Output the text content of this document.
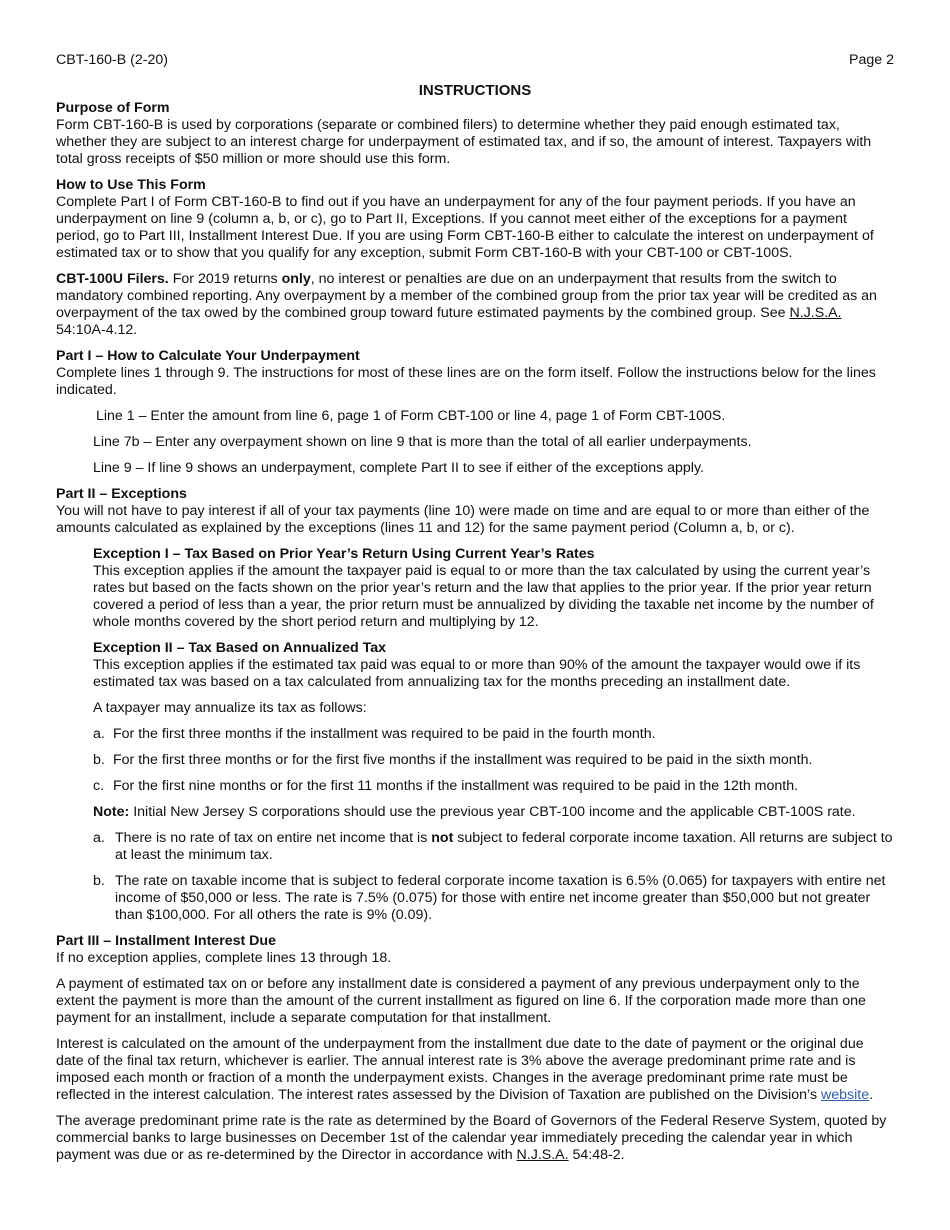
CBT-160-B (2-20)	Page 2
INSTRUCTIONS

Purpose of Form

Form CBT-160-B is used by corporations (separate or combined filers) to determine whether they paid enough estimated tax, whether they are subject to an interest charge for underpayment of estimated tax, and if so, the amount of interest. Taxpayers with total gross receipts of $50 million or more should use this form.

How to Use This Form

Complete Part I of Form CBT-160-B to find out if you have an underpayment for any of the four payment periods. If you have an underpayment on line 9 (column a, b, or c), go to Part II, Exceptions. If you cannot meet either of the exceptions for a payment period, go to Part III, Installment Interest Due. If you are using Form CBT-160-B either to calculate the interest on underpayment of estimated tax or to show that you qualify for any exception, submit Form CBT-160-B with your CBT-100 or CBT-100S.

CBT-100U Filers. For 2019 returns only, no interest or penalties are due on an underpayment that results from the switch to mandatory combined reporting. Any overpayment by a member of the combined group from the prior tax year will be credited as an overpayment of the tax owed by the combined group toward future estimated payments by the combined group. See N.J.S.A. 54:10A-4.12.

Part I – How to Calculate Your Underpayment

Complete lines 1 through 9. The instructions for most of these lines are on the form itself. Follow the instructions below for the lines indicated.

Line 1 – Enter the amount from line 6, page 1 of Form CBT-100 or line 4, page 1 of Form CBT-100S.

Line 7b – Enter any overpayment shown on line 9 that is more than the total of all earlier underpayments.

Line 9 – If line 9 shows an underpayment, complete Part II to see if either of the exceptions apply.

Part II – Exceptions

You will not have to pay interest if all of your tax payments (line 10) were made on time and are equal to or more than either of the amounts calculated as explained by the exceptions (lines 11 and 12) for the same payment period (Column a, b, or c).

Exception I – Tax Based on Prior Year’s Return Using Current Year’s Rates

This exception applies if the amount the taxpayer paid is equal to or more than the tax calculated by using the current year’s rates but based on the facts shown on the prior year’s return and the law that applies to the prior year. If the prior year return covered a period of less than a year, the prior return must be annualized by dividing the taxable net income by the number of whole months covered by the short period return and multiplying by 12.

Exception II – Tax Based on Annualized Tax

This exception applies if the estimated tax paid was equal to or more than 90% of the amount the taxpayer would owe if its estimated tax was based on a tax calculated from annualizing tax for the months preceding an installment date.

A taxpayer may annualize its tax as follows:

a. For the first three months if the installment was required to be paid in the fourth month.
b. For the first three months or for the first five months if the installment was required to be paid in the sixth month.
c. For the first nine months or for the first 11 months if the installment was required to be paid in the 12th month.

Note: Initial New Jersey S corporations should use the previous year CBT-100 income and the applicable CBT-100S rate.

a. There is no rate of tax on entire net income that is not subject to federal corporate income taxation. All returns are subject to at least the minimum tax.
b. The rate on taxable income that is subject to federal corporate income taxation is 6.5% (0.065) for taxpayers with entire net income of $50,000 or less. The rate is 7.5% (0.075) for those with entire net income greater than $50,000 but not greater than $100,000. For all others the rate is 9% (0.09).

Part III – Installment Interest Due

If no exception applies, complete lines 13 through 18.

A payment of estimated tax on or before any installment date is considered a payment of any previous underpayment only to the extent the payment is more than the amount of the current installment as figured on line 6. If the corporation made more than one payment for an installment, include a separate computation for that installment.

Interest is calculated on the amount of the underpayment from the installment due date to the date of payment or the original due date of the final tax return, whichever is earlier. The annual interest rate is 3% above the average predominant prime rate and is imposed each month or fraction of a month the underpayment exists. Changes in the average predominant prime rate must be reflected in the interest calculation. The interest rates assessed by the Division of Taxation are published on the Division’s website.

The average predominant prime rate is the rate as determined by the Board of Governors of the Federal Reserve System, quoted by commercial banks to large businesses on December 1st of the calendar year immediately preceding the calendar year in which payment was due or as re-determined by the Director in accordance with N.J.S.A. 54:48-2.
